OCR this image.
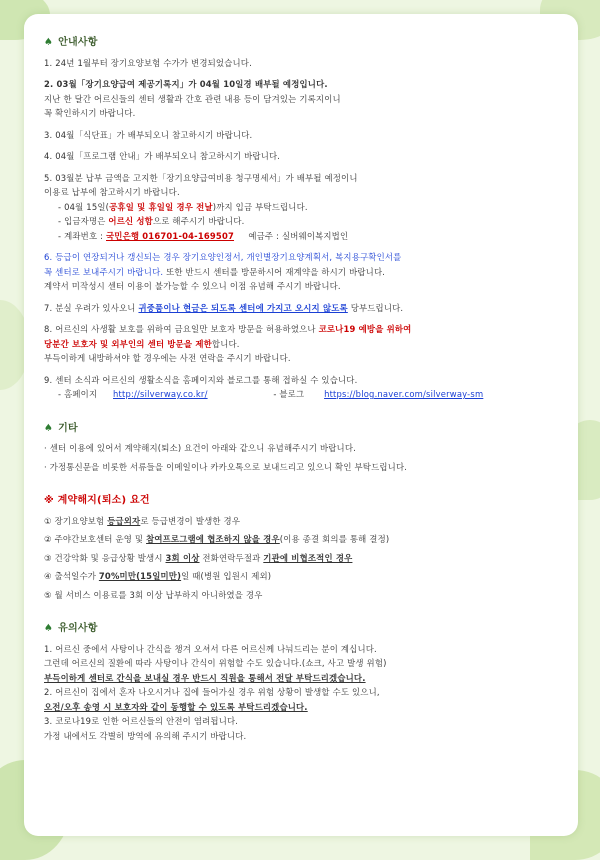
♠ 안내사항

1. 24년 1월부터 장기요양보험 수가가 변경되었습니다.

2. 03월「장기요양급여 제공기록지」가 04월 10일경 배부될 예정입니다.

지난 한 달간 어르신들의 센터 생활과 간호 관련 내용 등이 담겨있는 기록지이니

꼭 확인하시기 바랍니다.

3. 04월「식단표」가 배부되오니 참고하시기 바랍니다.

4. 04월「프로그램 안내」가 배부되오니 참고하시기 바랍니다.

5. 03월분 납부 금액을 고지한「장기요양급여비용 청구명세서」가 배부될 예정이니

이용료 납부에 참고하시기 바랍니다.

- 04월 15일(공휴일 및 휴일일 경우 전날)까지 입금 부탁드립니다.

- 입금자명은 어르신 성함으로 해주시기 바랍니다.

- 계좌번호 : 국민은행 016701-04-169507     예금주 : 실버웨이복지법인

6. 등급이 연장되거나 갱신되는 경우 장기요양인정서, 개인별장기요양계획서, 복지용구확인서를

꼭 센터로 보내주시기 바랍니다. 또한 반드시 센터를 방문하시어 재계약을 하시기 바랍니다.

계약서 미작성시 센터 이용이 불가능할 수 있으니 이점 유념해 주시기 바랍니다.

7. 분실 우려가 있사오니 귀중품이나 현금은 되도록 센터에 가지고 오시지 않도록 당부드립니다.

8. 어르신의 사생활 보호를 위하여 금요일만 보호자 방문을 허용하였으나 코로나19 예방을 위하여

당분간 보호자 및 외부인의 센터 방문을 제한합니다.

부득이하게 내방하셔야 할 경우에는 사전 연락을 주시기 바랍니다.

9. 센터 소식과 어르신의 생활소식을 홈페이지와 블로그를 통해 접하실 수 있습니다.

- 홈페이지 http://silverway.co.kr/	- 블로그 https://blog.naver.com/silverway-sm

♠ 기타

· 센터 이용에 있어서 계약해지(퇴소) 요건이 아래와 같으니 유념해주시기 바랍니다.

· 가정통신문을 비롯한 서류들을 이메일이나 카카오톡으로 보내드리고 있으니 확인 부탁드립니다.

※ 계약해지(퇴소) 요건

① 장기요양보험 등급외자로 등급변경이 발생한 경우

② 주야간보호센터 운영 및 참여프로그램에 협조하지 않을 경우(이용 종결 회의를 통해 결정)

③ 건강악화 및 응급상황 발생시 3회 이상 전화연락두절과 기관에 비협조적인 경우

④ 출석일수가 70%미만(15일미만)일 때(병원 입원시 제외)

⑤ 월 서비스 이용료를 3회 이상 납부하지 아니하였을 경우

♠ 유의사항

1. 어르신 중에서 사탕이나 간식을 챙겨 오셔서 다른 어르신께 나눠드리는 분이 계십니다.

그런데 어르신의 질환에 따라 사탕이나 간식이 위험할 수도 있습니다.(쇼크, 사고 발생 위험)

부득이하게 센터로 간식을 보내실 경우 반드시 직원을 통해서 전달 부탁드리겠습니다.

2. 어르신이 집에서 혼자 나오시거나 집에 들어가실 경우 위험 상황이 발생할 수도 있으니,

오전/오후 송영 시 보호자와 같이 동행할 수 있도록 부탁드리겠습니다.

3. 코로나19로 인한 어르신들의 안전이 염려됩니다.

가정 내에서도 각별히 방역에 유의해 주시기 바랍니다.
